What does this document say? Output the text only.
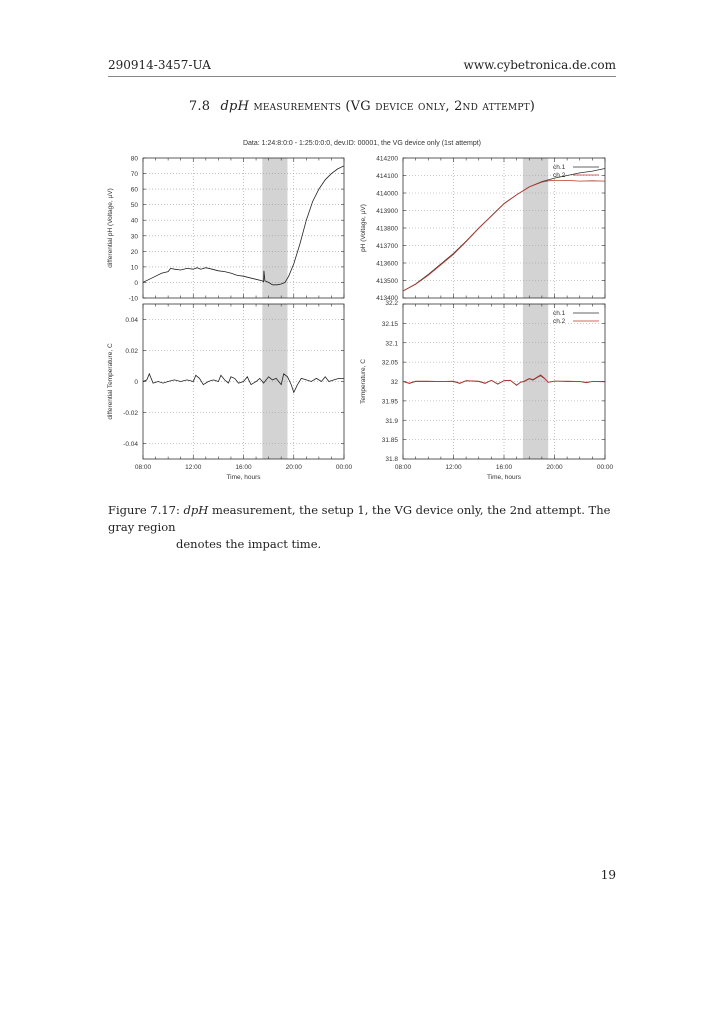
290914-3457-UA	www.cybetronica.de.com
7.8 dpH measurements (VG device only, 2nd attempt)
Data: 1:24:8:0:0 - 1:25:0:0:0, dev.ID: 00001, the VG device only (1st attempt)
-10
0
10
20
30
40
50
60
70
80
differential pH (Voltage, µV)
413400
413500
413600
413700
413800
413900
414000
414100
414200
pH (Voltage, µV)
ch.1
ch.2
-0.04
-0.02
0
0.02
0.04
differential Temperature, C
08:00	12:00	16:00	20:00	00:00
Time, hours
31.8
31.85
31.9
31.95
32
32.05
32.1
32.15
32.2
Temperature, C
08:00	12:00	16:00	20:00	00:00
Time, hours
ch.1
ch.2
Figure 7.17: dpH measurement, the setup 1, the VG device only, the 2nd attempt. The gray region
denotes the impact time.
19
